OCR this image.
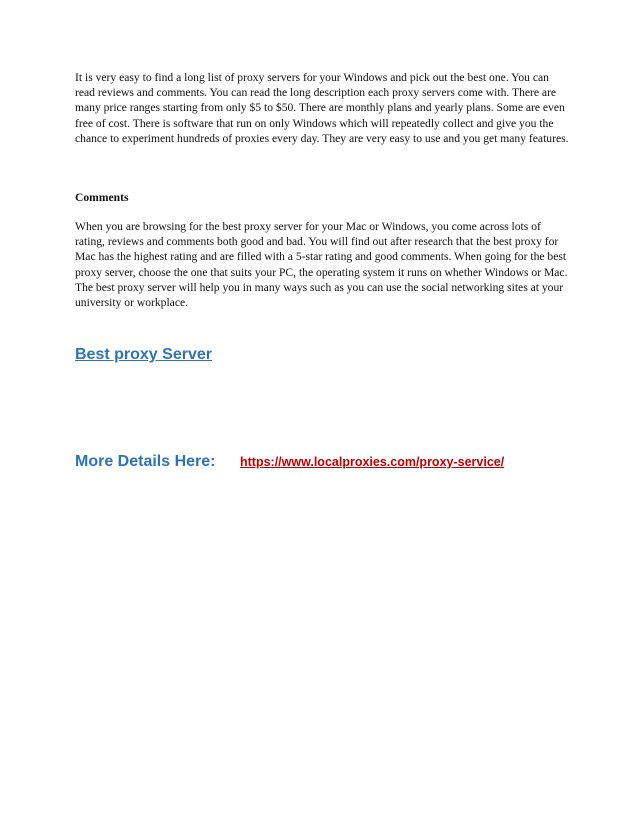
It is very easy to find a long list of proxy servers for your Windows and pick out the best one. You can read reviews and comments. You can read the long description each proxy servers come with. There are many price ranges starting from only $5 to $50. There are monthly plans and yearly plans. Some are even free of cost. There is software that run on only Windows which will repeatedly collect and give you the chance to experiment hundreds of proxies every day. They are very easy to use and you get many features.

Comments

When you are browsing for the best proxy server for your Mac or Windows, you come across lots of rating, reviews and comments both good and bad. You will find out after research that the best proxy for Mac has the highest rating and are filled with a 5-star rating and good comments. When going for the best proxy server, choose the one that suits your PC, the operating system it runs on whether Windows or Mac. The best proxy server will help you in many ways such as you can use the social networking sites at your university or workplace.

Best proxy Server
More Details Here: https://www.localproxies.com/proxy-service/
